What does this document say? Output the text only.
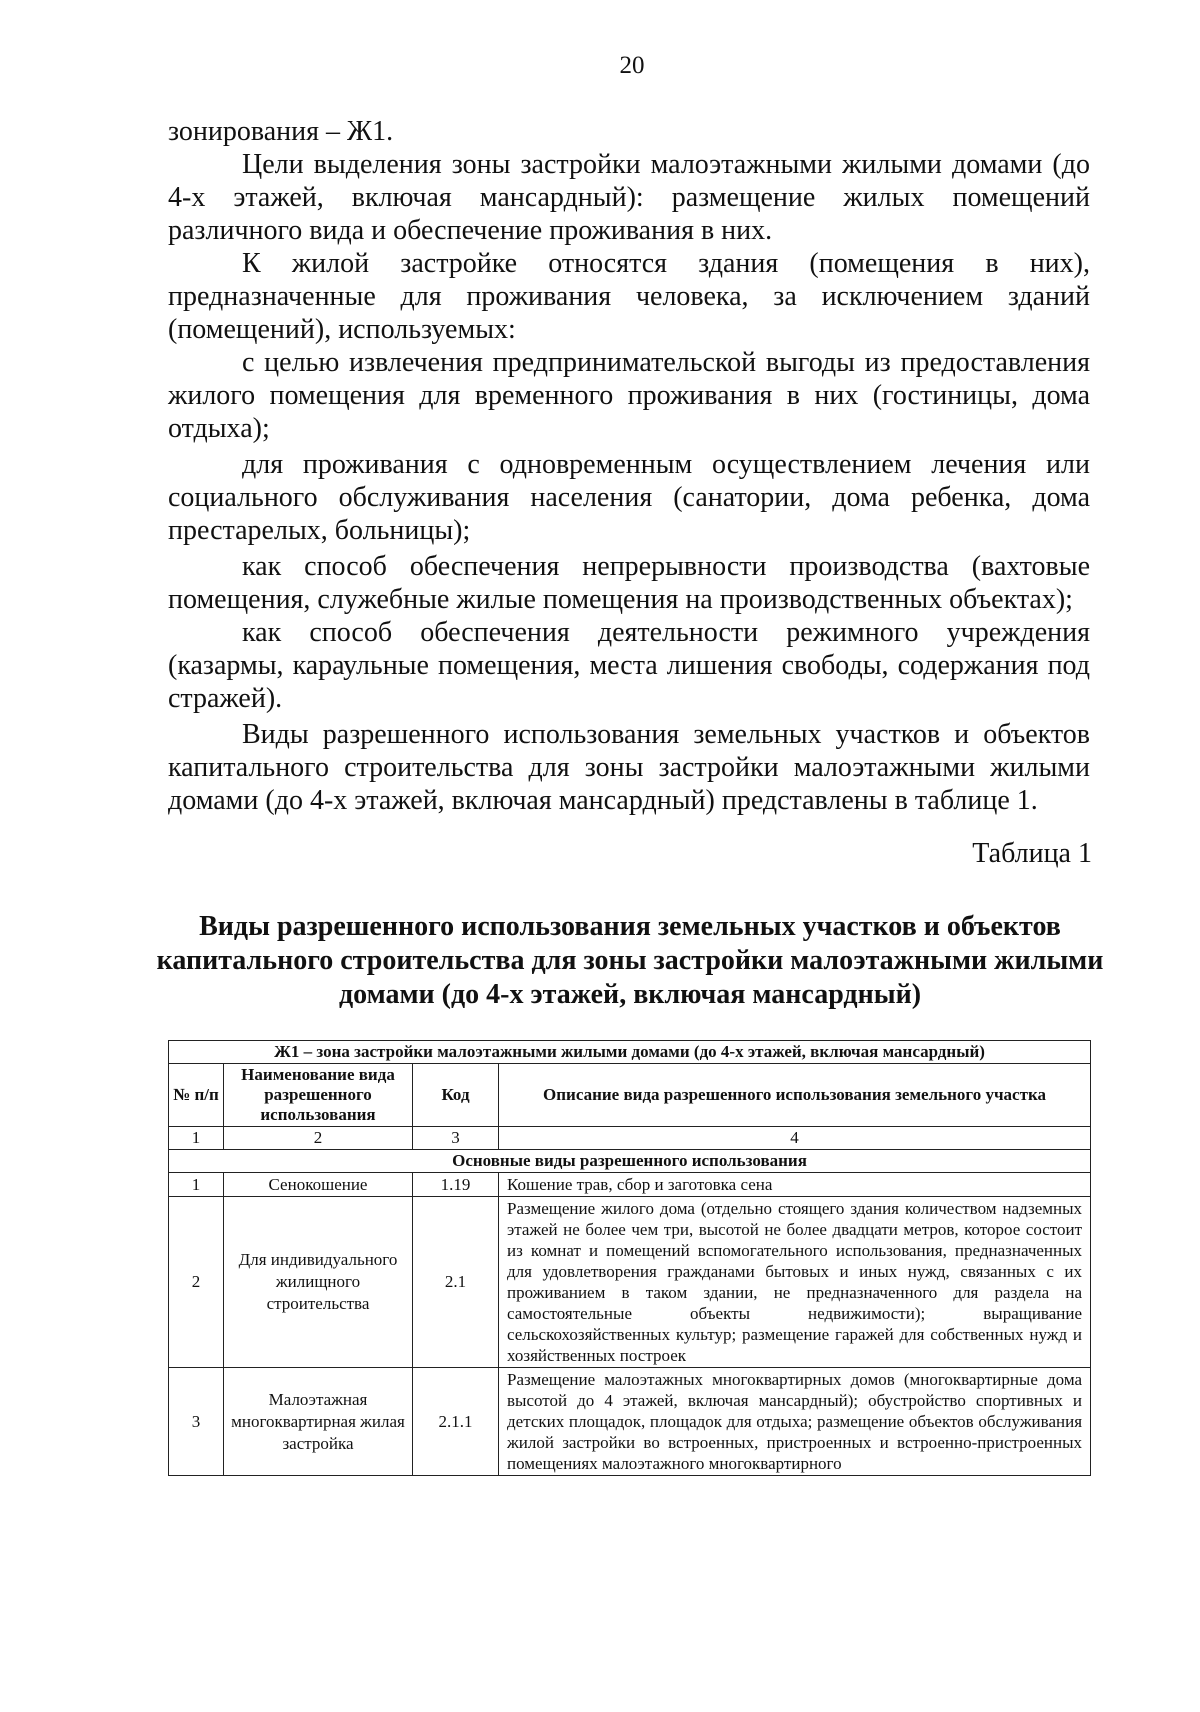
20

зонирования – Ж1.

Цели выделения зоны застройки малоэтажными жилыми домами (до 4-х этажей, включая мансардный): размещение жилых помещений различного вида и обеспечение проживания в них.

К жилой застройке относятся здания (помещения в них), предназначенные для проживания человека, за исключением зданий (помещений), используемых:

с целью извлечения предпринимательской выгоды из предоставления жилого помещения для временного проживания в них (гостиницы, дома отдыха);

для проживания с одновременным осуществлением лечения или социального обслуживания населения (санатории, дома ребенка, дома престарелых, больницы);

как способ обеспечения непрерывности производства (вахтовые помещения, служебные жилые помещения на производственных объектах);

как способ обеспечения деятельности режимного учреждения (казармы, караульные помещения, места лишения свободы, содержания под стражей).

Виды разрешенного использования земельных участков и объектов капитального строительства для зоны застройки малоэтажными жилыми домами (до 4-х этажей, включая мансардный) представлены в таблице 1.

Таблица 1
Виды разрешенного использования земельных участков и объектов капитального строительства для зоны застройки малоэтажными жилыми домами (до 4-х этажей, включая мансардный)
Ж1 – зона застройки малоэтажными жилыми домами (до 4-х этажей, включая мансардный)			
№ п/п	Наименование вида разрешенного использования	Код	Описание вида разрешенного использования земельного участка
1	2	3	4
Основные виды разрешенного использования			
1	Сенокошение	1.19	Кошение трав, сбор и заготовка сена
2	Для индивидуального жилищного строительства	2.1	Размещение жилого дома (отдельно стоящего здания количеством надземных этажей не более чем три, высотой не более двадцати метров, которое состоит из комнат и помещений вспомогательного использования, предназначенных для удовлетворения гражданами бытовых и иных нужд, связанных с их проживанием в таком здании, не предназначенного для раздела на самостоятельные объекты недвижимости); выращивание сельскохозяйственных культур; размещение гаражей для собственных нужд и хозяйственных построек
3	Малоэтажная многоквартирная жилая застройка	2.1.1	Размещение малоэтажных многоквартирных домов (многоквартирные дома высотой до 4 этажей, включая мансардный); обустройство спортивных и детских площадок, площадок для отдыха; размещение объектов обслуживания жилой застройки во встроенных, пристроенных и встроенно-пристроенных помещениях малоэтажного многоквартирного
